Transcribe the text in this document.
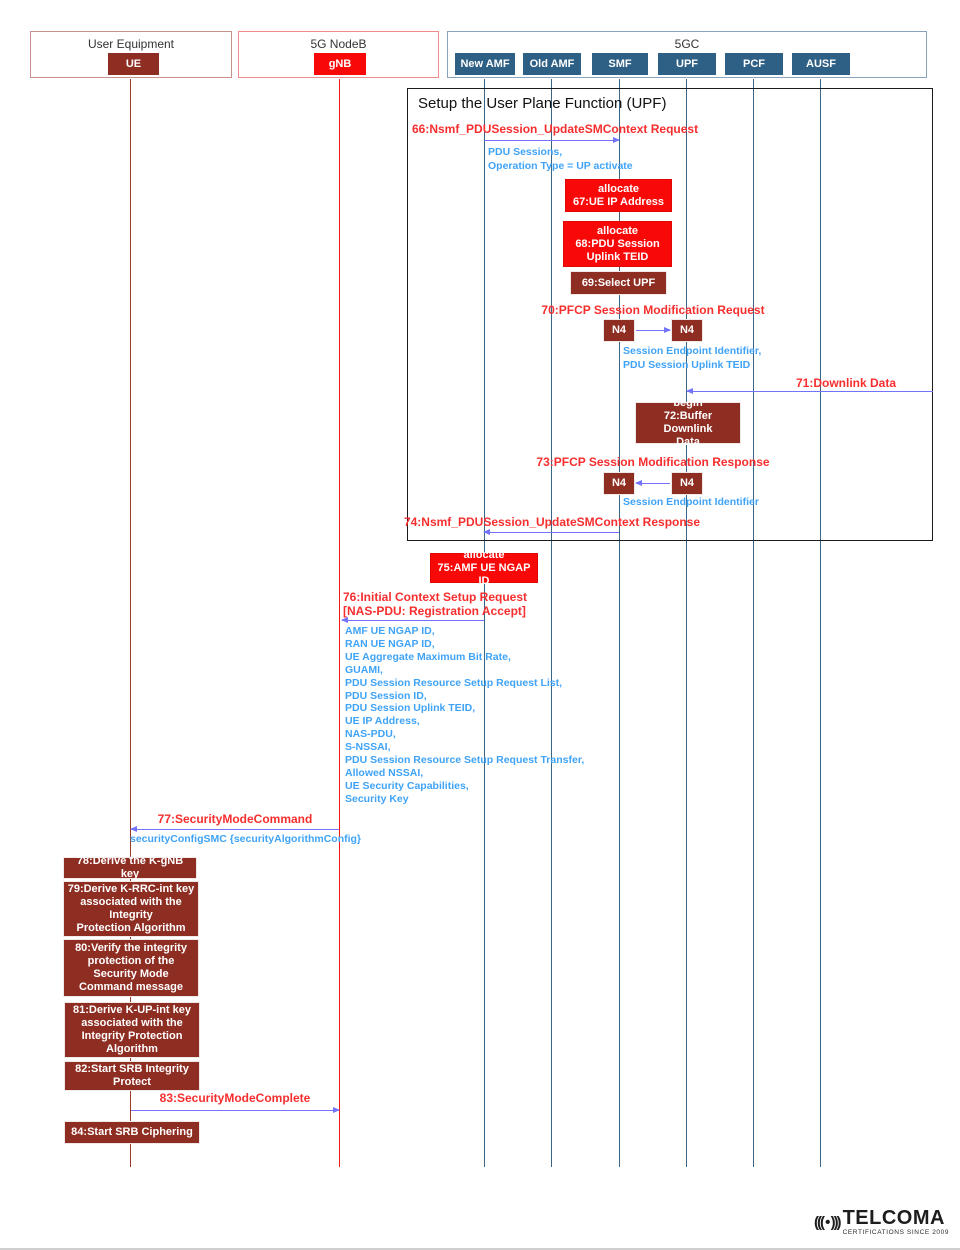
User Equipment
UE
5G NodeB
gNB
5GC
New AMF	Old AMF	SMF	UPF	PCF	AUSF
Setup the User Plane Function (UPF)
66:Nsmf_PDUSession_UpdateSMContext Request
PDU Sessions,
Operation Type = UP activate
allocate
67:UE IP Address
allocate
68:PDU Session
Uplink TEID
69:Select UPF
70:PFCP Session Modification Request
N4	N4
Session Endpoint Identifier,
PDU Session Uplink TEID
71:Downlink Data
begin
72:Buffer Downlink
Data
73:PFCP Session Modification Response
N4	N4
Session Endpoint Identifier
74:Nsmf_PDUSession_UpdateSMContext Response
allocate
75:AMF UE NGAP ID
76:Initial Context Setup Request
[NAS-PDU: Registration Accept]
AMF UE NGAP ID,
RAN UE NGAP ID,
UE Aggregate Maximum Bit Rate,
GUAMI,
PDU Session Resource Setup Request List,
PDU Session ID,
PDU Session Uplink TEID,
UE IP Address,
NAS-PDU,
S-NSSAI,
PDU Session Resource Setup Request Transfer,
Allowed NSSAI,
UE Security Capabilities,
Security Key
77:SecurityModeCommand
securityConfigSMC {securityAlgorithmConfig}
78:Derive the K-gNB key
79:Derive K-RRC-int key
associated with the
Integrity
Protection Algorithm
80:Verify the integrity
protection of the
Security Mode
Command message
81:Derive K-UP-int key
associated with the
Integrity Protection
Algorithm
82:Start SRB Integrity
Protect
83:SecurityModeComplete
84:Start SRB Ciphering
((( • ))) TELCOMA
CERTIFICATIONS SINCE 2009
